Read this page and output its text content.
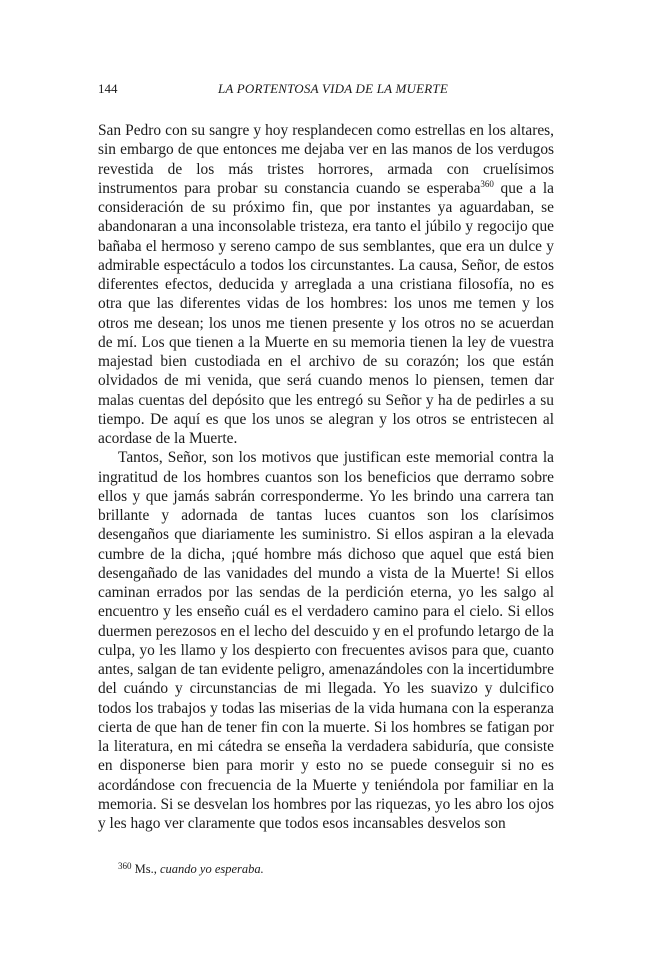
144	LA PORTENTOSA VIDA DE LA MUERTE

San Pedro con su sangre y hoy resplandecen como estrellas en los altares, sin embargo de que entonces me dejaba ver en las manos de los verdugos revestida de los más tristes horrores, armada con cruelísimos instrumentos para probar su constancia cuando se esperaba$^{360}$ que a la consideración de su próximo fin, que por instantes ya aguardaban, se abandonaran a una inconsolable tristeza, era tanto el júbilo y regocijo que bañaba el hermoso y sereno campo de sus semblantes, que era un dulce y admirable espectáculo a todos los circunstantes. La causa, Señor, de estos diferentes efectos, deducida y arreglada a una cristiana filosofía, no es otra que las diferentes vidas de los hombres: los unos me temen y los otros me desean; los unos me tienen presente y los otros no se acuerdan de mí. Los que tienen a la Muerte en su memoria tienen la ley de vuestra majestad bien custodiada en el archivo de su corazón; los que están olvidados de mi venida, que será cuando menos lo piensen, temen dar malas cuentas del depósito que les entregó su Señor y ha de pedirles a su tiempo. De aquí es que los unos se alegran y los otros se entristecen al acordase de la Muerte.

Tantos, Señor, son los motivos que justifican este memorial contra la ingratitud de los hombres cuantos son los beneficios que derramo sobre ellos y que jamás sabrán corresponderme. Yo les brindo una carrera tan brillante y adornada de tantas luces cuantos son los clarísimos desengaños que diariamente les suministro. Si ellos aspiran a la elevada cumbre de la dicha, ¡qué hombre más dichoso que aquel que está bien desengañado de las vanidades del mundo a vista de la Muerte! Si ellos caminan errados por las sendas de la perdición eterna, yo les salgo al encuentro y les enseño cuál es el verdadero camino para el cielo. Si ellos duermen perezosos en el lecho del descuido y en el profundo letargo de la culpa, yo les llamo y los despierto con frecuentes avisos para que, cuanto antes, salgan de tan evidente peligro, amenazándoles con la incertidumbre del cuándo y circunstancias de mi llegada. Yo les suavizo y dulcifico todos los trabajos y todas las miserias de la vida humana con la esperanza cierta de que han de tener fin con la muerte. Si los hombres se fatigan por la literatura, en mi cátedra se enseña la verdadera sabiduría, que consiste en disponerse bien para morir y esto no se puede conseguir si no es acordándose con frecuencia de la Muerte y teniéndola por familiar en la memoria. Si se desvelan los hombres por las riquezas, yo les abro los ojos y les hago ver claramente que todos esos incansables desvelos son

$^{360}$ Ms., cuando yo esperaba.
